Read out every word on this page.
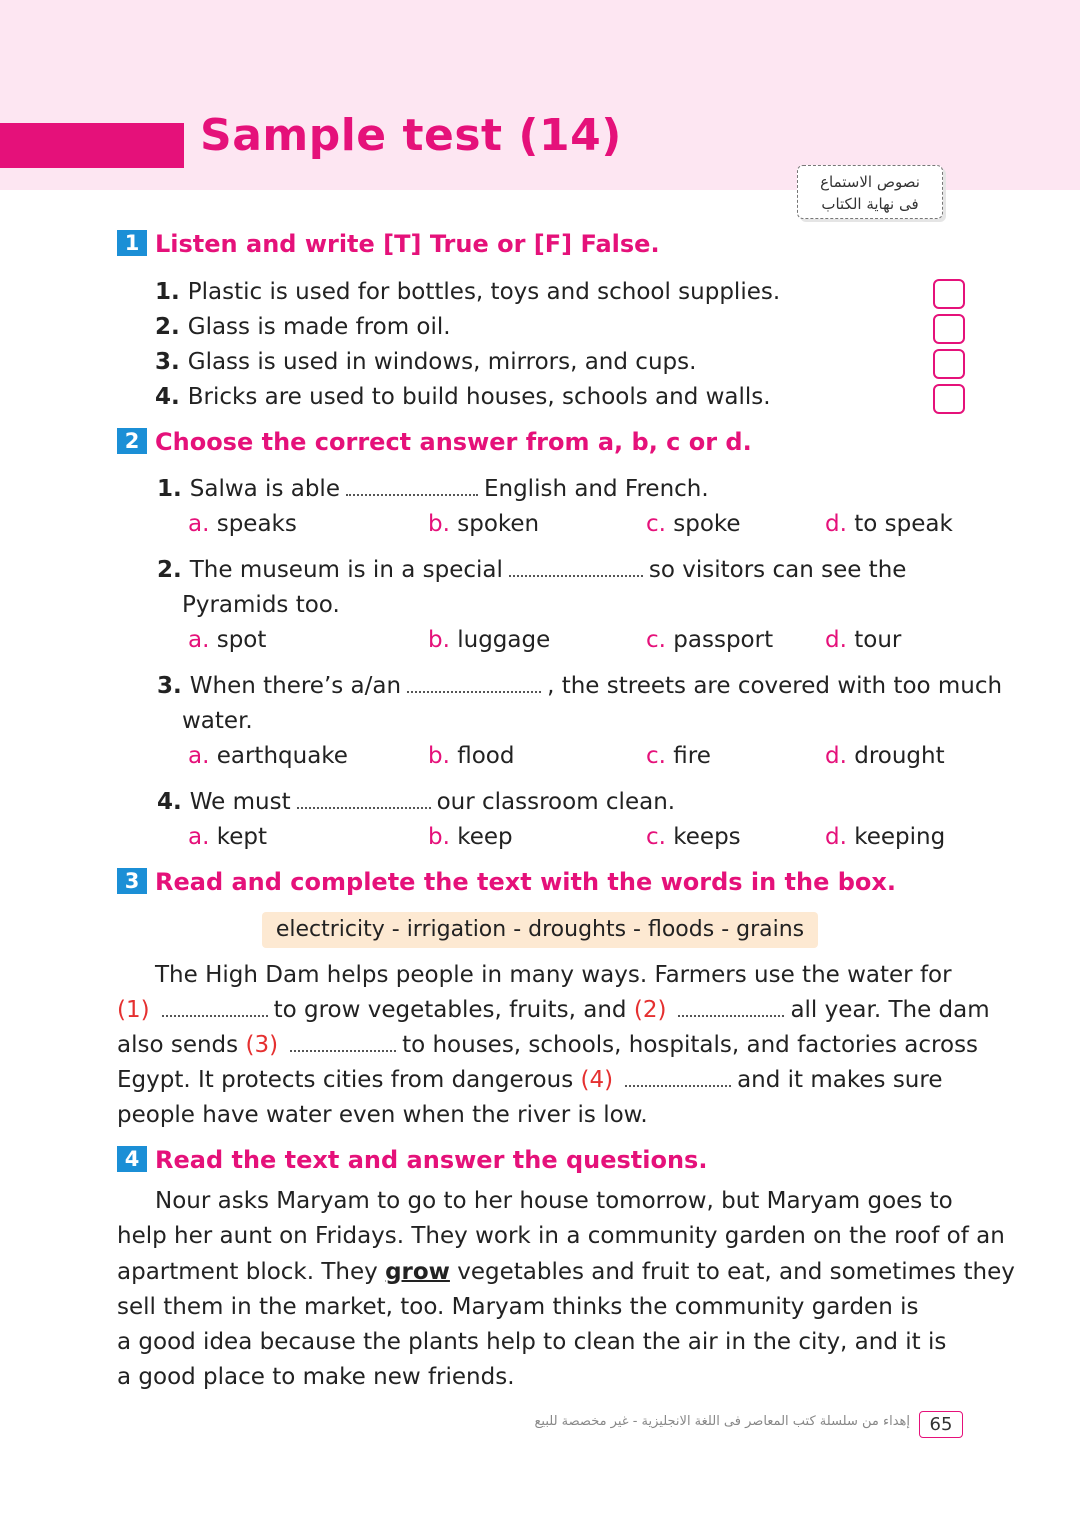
Sample test (14)
نصوص الاستماع
فى نهاية الكتاب
1 Listen and write [T] True or [F] False.
1. Plastic is used for bottles, toys and school supplies.
2. Glass is made from oil.
3. Glass is used in windows, mirrors, and cups.
4. Bricks are used to build houses, schools and walls.
2 Choose the correct answer from a, b, c or d.
1. Salwa is able	English and French.
a. speaks	b. spoken	c. spoke	d. to speak
2. The museum is in a special	so visitors can see the
Pyramids too.
a. spot	b. luggage	c. passport d. tour
3. When there’s a/an	, the streets are covered with too much
water.
a. earthquake	b. flood	c. fire	d. drought
4. We must	our classroom clean.
a. kept	b. keep	c. keeps	d. keeping
3 Read and complete the text with the words in the box.
electricity - irrigation - droughts - floods - grains
The High Dam helps people in many ways. Farmers use the water for
(1)	to grow vegetables, fruits, and (2)	all year. The dam
also sends (3)	to houses, schools, hospitals, and factories across
Egypt. It protects cities from dangerous (4)	and it makes sure
people have water even when the river is low.
4 Read the text and answer the questions.
Nour asks Maryam to go to her house tomorrow, but Maryam goes to
help her aunt on Fridays. They work in a community garden on the roof of an
apartment block. They grow vegetables and fruit to eat, and sometimes they
sell them in the market, too. Maryam thinks the community garden is
a good idea because the plants help to clean the air in the city, and it is
a good place to make new friends.
إهداء من سلسلة كتب المعاصر فى اللغة الانجليزية - غير مخصصة للبيع	65
